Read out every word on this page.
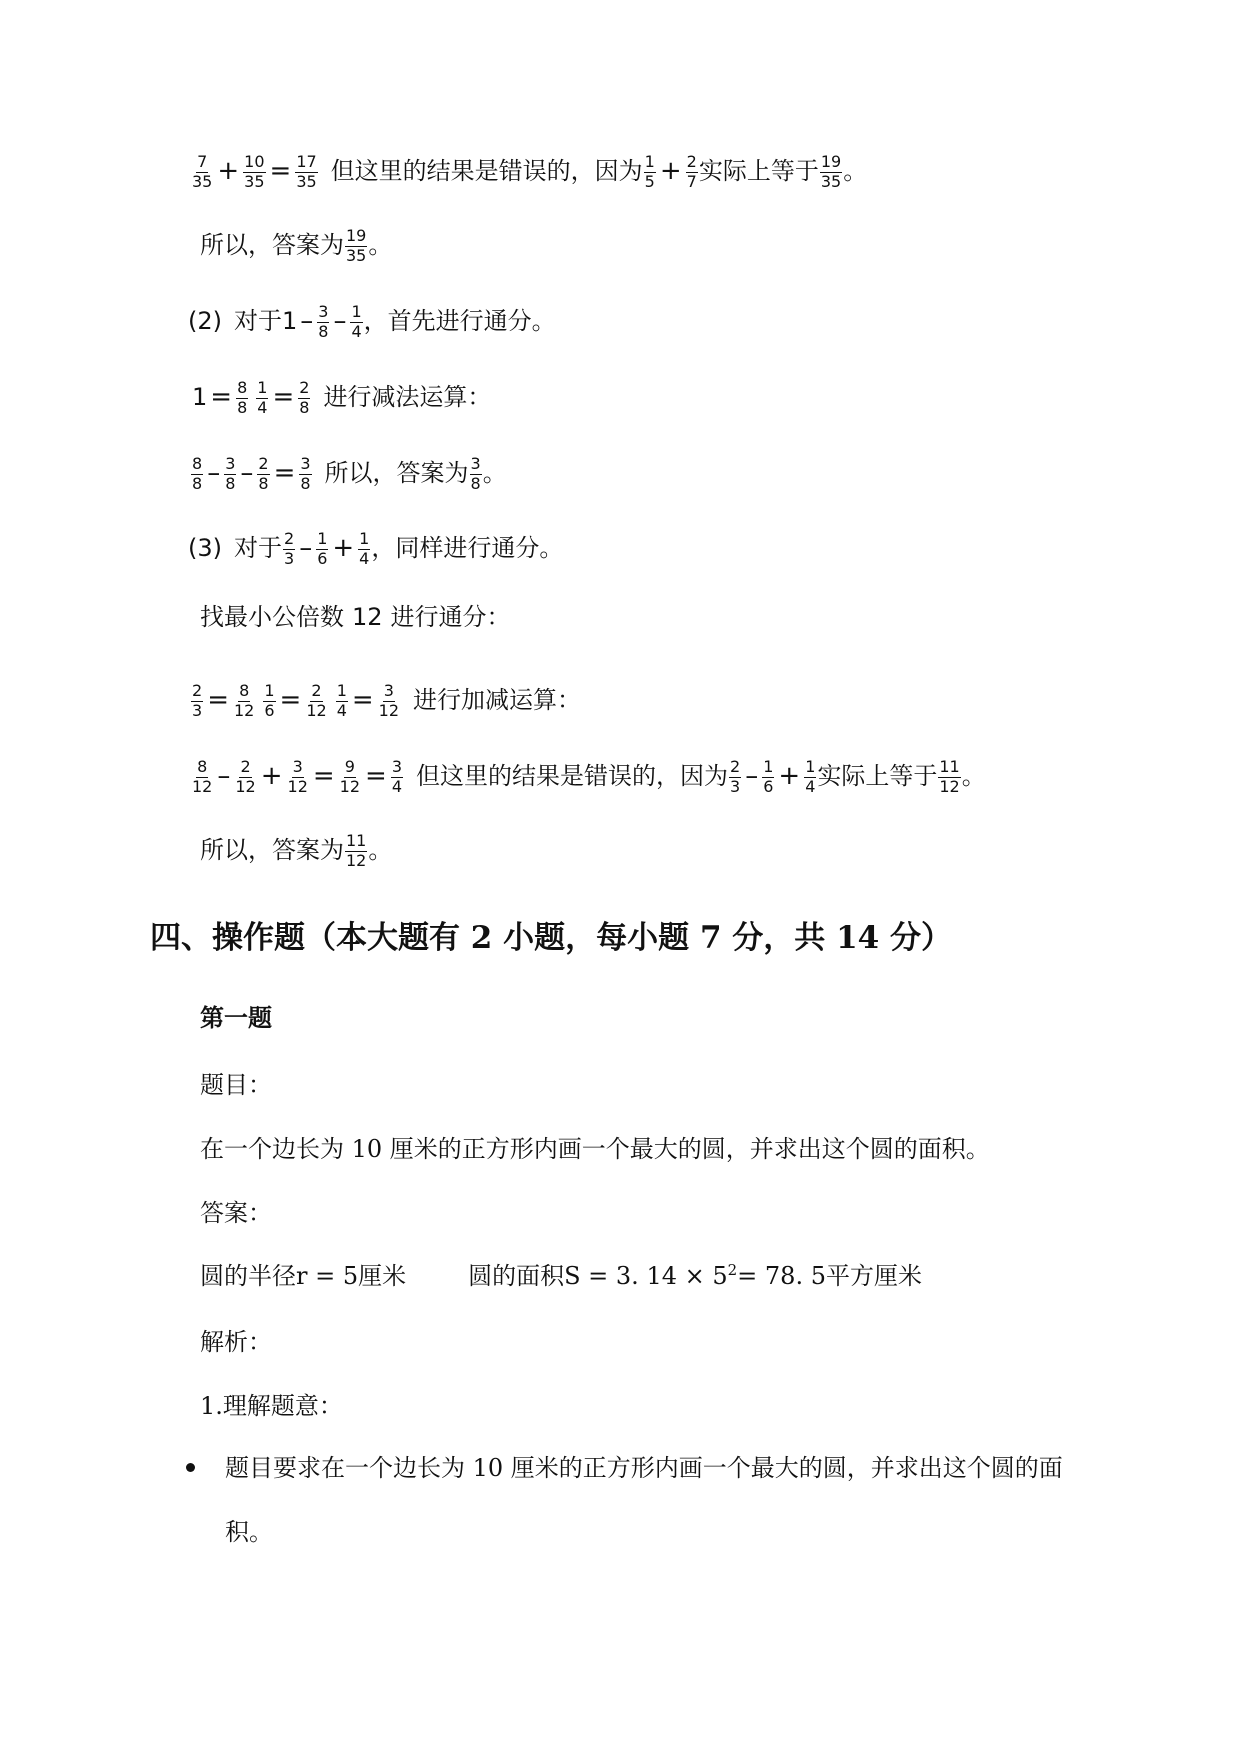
$\frac{7}{35} + \frac{10}{35} = \frac{17}{35}$ 但这里的结果是错误的，因为 $\frac{1}{5} + \frac{2}{7}$ 实际上等于 $\frac{19}{35}$ 。
所以，答案为 $\frac{19}{35}$ 。
(2) 对于 $1 - \frac{3}{8} - \frac{1}{4}$ ，首先进行通分。
$1 = \frac{8}{8} \frac{1}{4} = \frac{2}{8}$ 进行减法运算：
$\frac{8}{8} - \frac{3}{8} - \frac{2}{8} = \frac{3}{8}$ 所以，答案为 $\frac{3}{8}$ 。
(3) 对于 $\frac{2}{3} - \frac{1}{6} + \frac{1}{4}$ ，同样进行通分。
找最小公倍数 12 进行通分：
$\frac{2}{3} = \frac{8}{12} \frac{1}{6} = \frac{2}{12} \frac{1}{4} = \frac{3}{12}$ 进行加减运算：
$\frac{8}{12} - \frac{2}{12} + \frac{3}{12} = \frac{9}{12} = \frac{3}{4}$ 但这里的结果是错误的，因为 $\frac{2}{3} - \frac{1}{6} + \frac{1}{4}$ 实际上等于 $\frac{11}{12}$ 。
所以，答案为 $\frac{11}{12}$ 。
四、操作题（本大题有 2 小题，每小题 7 分，共 14 分）
第一题
题目：
在一个边长为 10 厘米的正方形内画一个最大的圆，并求出这个圆的面积。
答案：
圆的半径r = 5厘米	圆的面积S = 3. $14 \times 5^2 = 78$. 5平方厘米
解析：
1.理解题意：
题目要求在一个边长为 10 厘米的正方形内画一个最大的圆，并求出这个圆的面
积。
